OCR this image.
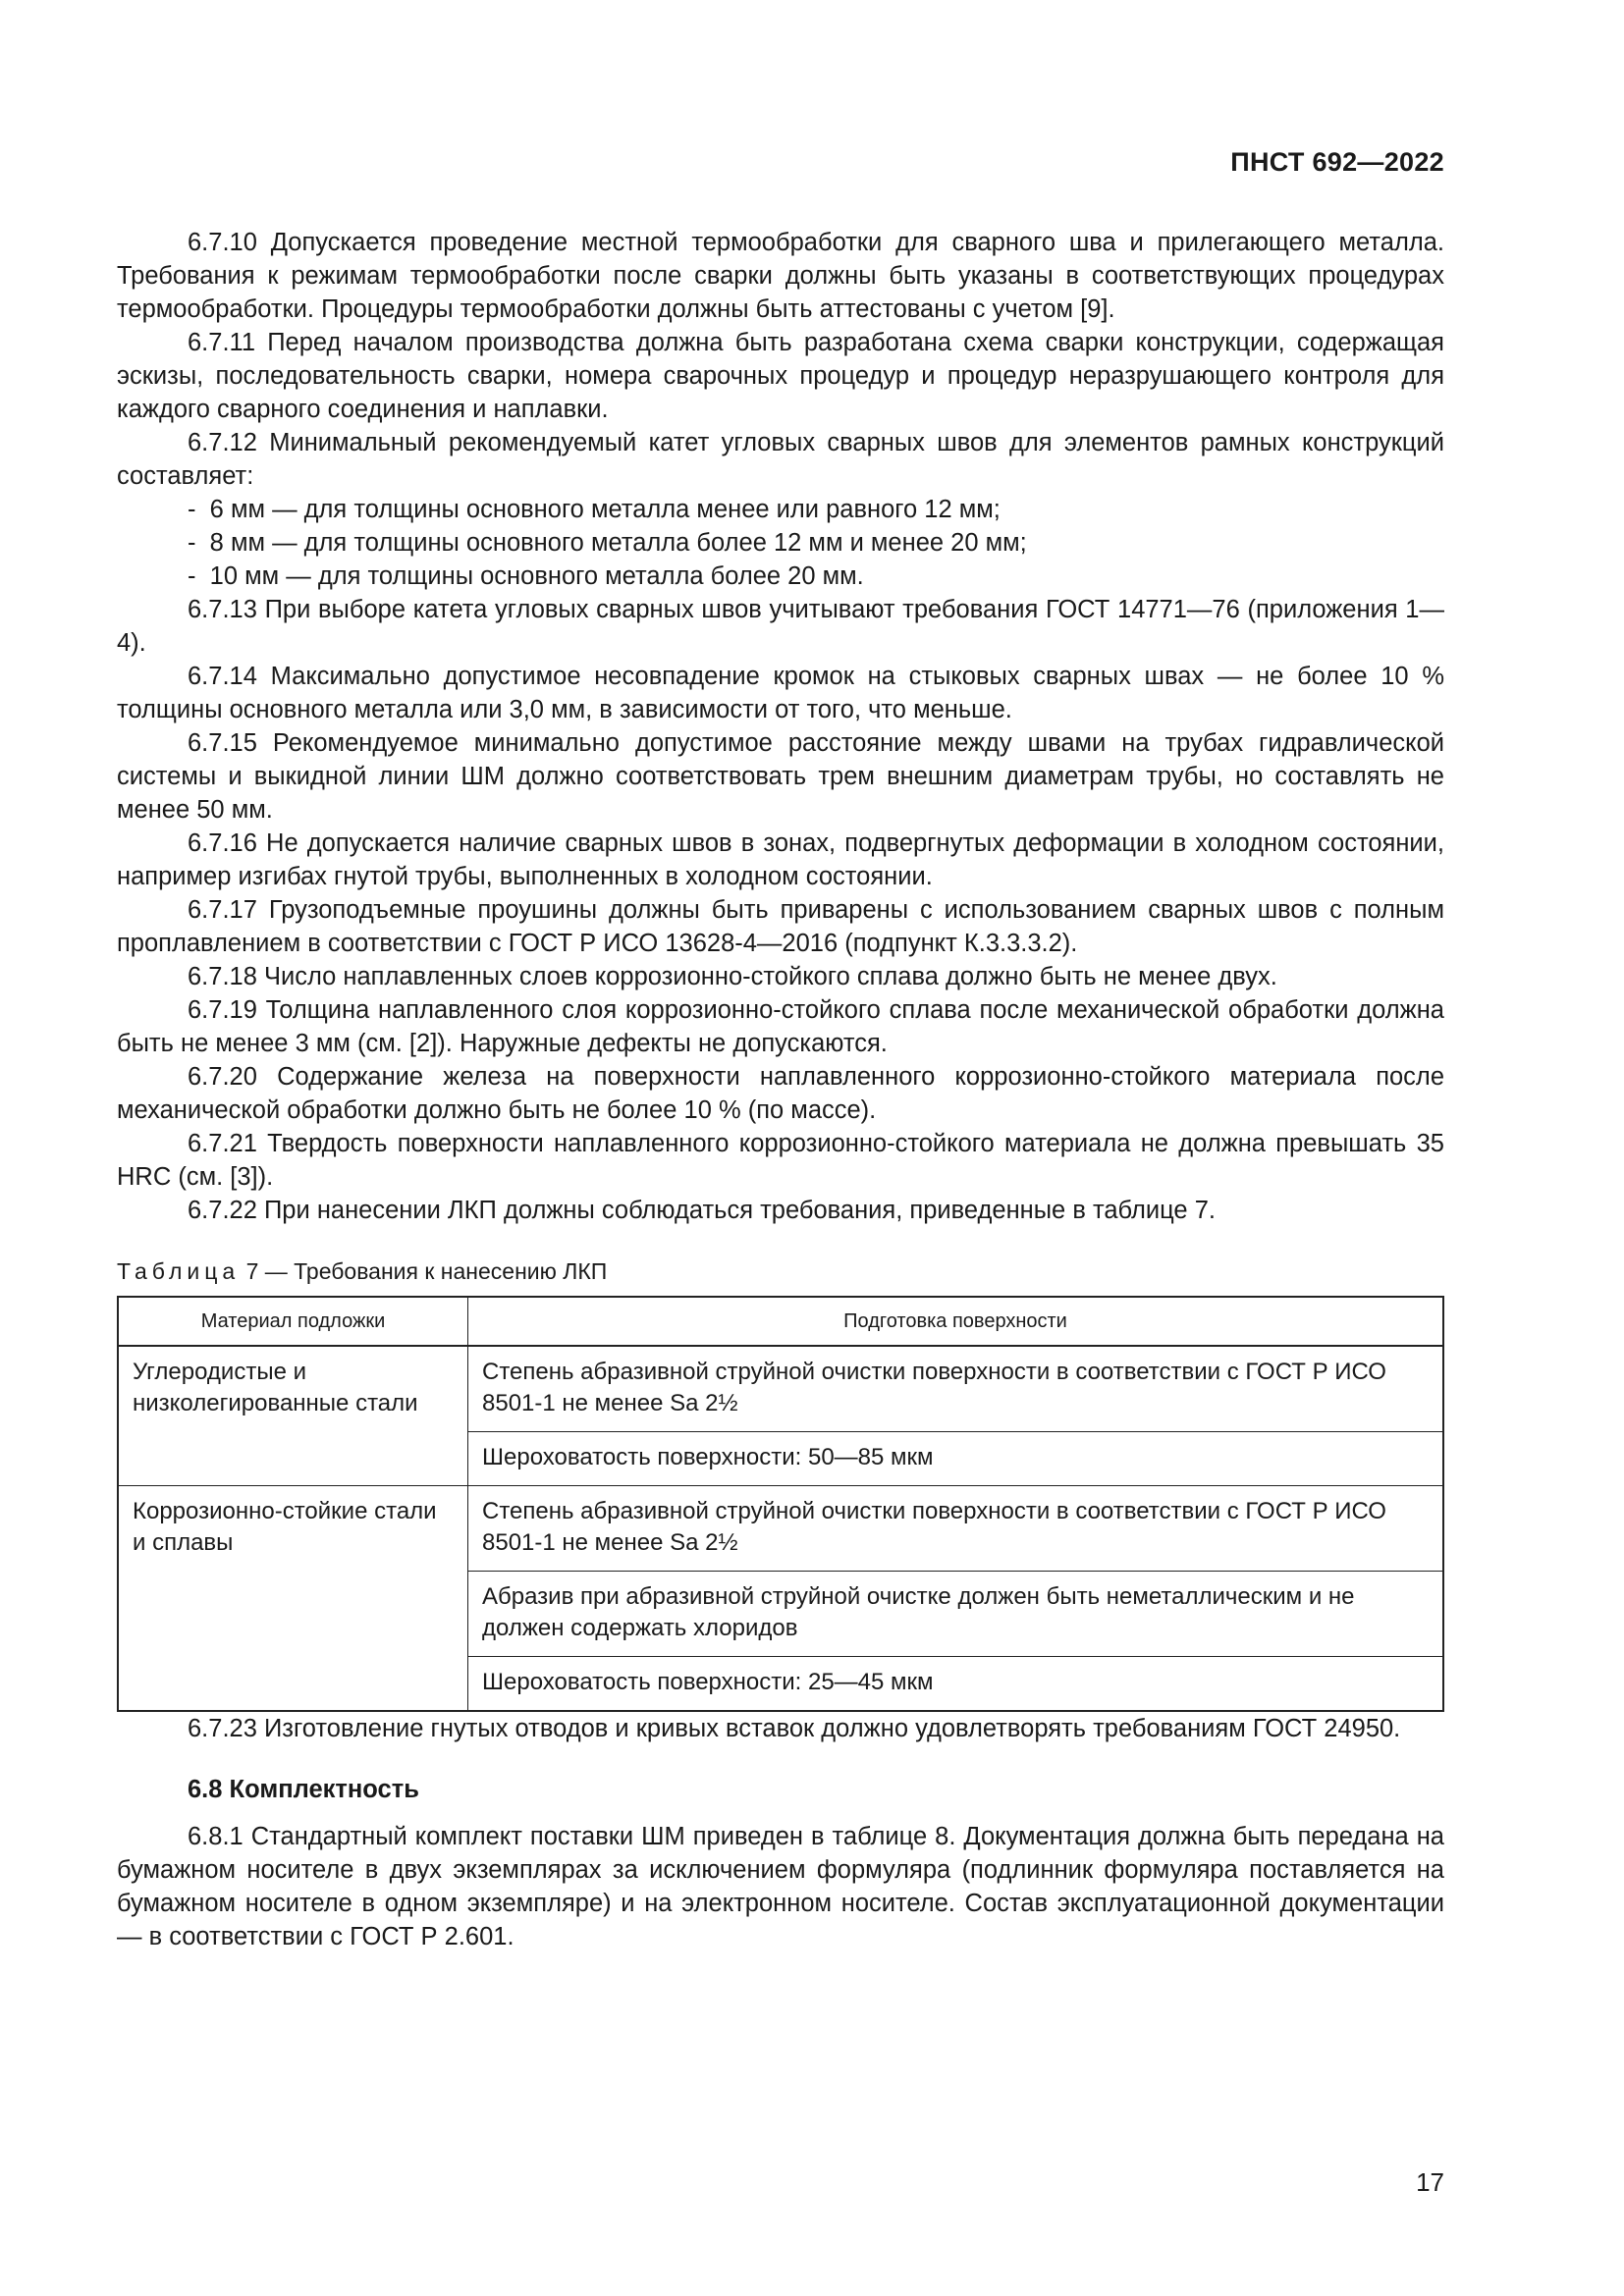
ПНСТ 692—2022

6.7.10 Допускается проведение местной термообработки для сварного шва и прилегающего металла. Требования к режимам термообработки после сварки должны быть указаны в соответствующих процедурах термообработки. Процедуры термообработки должны быть аттестованы с учетом [9].

6.7.11 Перед началом производства должна быть разработана схема сварки конструкции, содержащая эскизы, последовательность сварки, номера сварочных процедур и процедур неразрушающего контроля для каждого сварного соединения и наплавки.

6.7.12 Минимальный рекомендуемый катет угловых сварных швов для элементов рамных конструкций составляет:

-  6 мм — для толщины основного металла менее или равного 12 мм;
-  8 мм — для толщины основного металла более 12 мм и менее 20 мм;
-  10 мм — для толщины основного металла более 20 мм.

6.7.13 При выборе катета угловых сварных швов учитывают требования ГОСТ 14771—76 (приложения 1—4).

6.7.14 Максимально допустимое несовпадение кромок на стыковых сварных швах — не более 10 % толщины основного металла или 3,0 мм, в зависимости от того, что меньше.

6.7.15 Рекомендуемое минимально допустимое расстояние между швами на трубах гидравлической системы и выкидной линии ШМ должно соответствовать трем внешним диаметрам трубы, но составлять не менее 50 мм.

6.7.16 Не допускается наличие сварных швов в зонах, подвергнутых деформации в холодном состоянии, например изгибах гнутой трубы, выполненных в холодном состоянии.

6.7.17 Грузоподъемные проушины должны быть приварены с использованием сварных швов с полным проплавлением в соответствии с ГОСТ Р ИСО 13628-4—2016 (подпункт К.3.3.3.2).

6.7.18 Число наплавленных слоев коррозионно-стойкого сплава должно быть не менее двух.

6.7.19 Толщина наплавленного слоя коррозионно-стойкого сплава после механической обработки должна быть не менее 3 мм (см. [2]). Наружные дефекты не допускаются.

6.7.20 Содержание железа на поверхности наплавленного коррозионно-стойкого материала после механической обработки должно быть не более 10 % (по массе).

6.7.21 Твердость поверхности наплавленного коррозионно-стойкого материала не должна превышать 35 HRC (см. [3]).

6.7.22 При нанесении ЛКП должны соблюдаться требования, приведенные в таблице 7.

Таблица 7 — Требования к нанесению ЛКП
Материал подложки	Подготовка поверхности
Углеродистые и низколегированные стали	Степень абразивной струйной очистки поверхности в соответствии с ГОСТ Р ИСО 8501-1 не менее Sa 2½
	Шероховатость поверхности: 50—85 мкм
Коррозионно-стойкие стали и сплавы	Степень абразивной струйной очистки поверхности в соответствии с ГОСТ Р ИСО 8501-1 не менее Sa 2½
	Абразив при абразивной струйной очистке должен быть неметаллическим и не должен содержать хлоридов
	Шероховатость поверхности: 25—45 мкм

6.7.23 Изготовление гнутых отводов и кривых вставок должно удовлетворять требованиям ГОСТ 24950.

6.8 Комплектность

6.8.1 Стандартный комплект поставки ШМ приведен в таблице 8. Документация должна быть передана на бумажном носителе в двух экземплярах за исключением формуляра (подлинник формуляра поставляется на бумажном носителе в одном экземпляре) и на электронном носителе. Состав эксплуатационной документации — в соответствии с ГОСТ Р 2.601.

17
